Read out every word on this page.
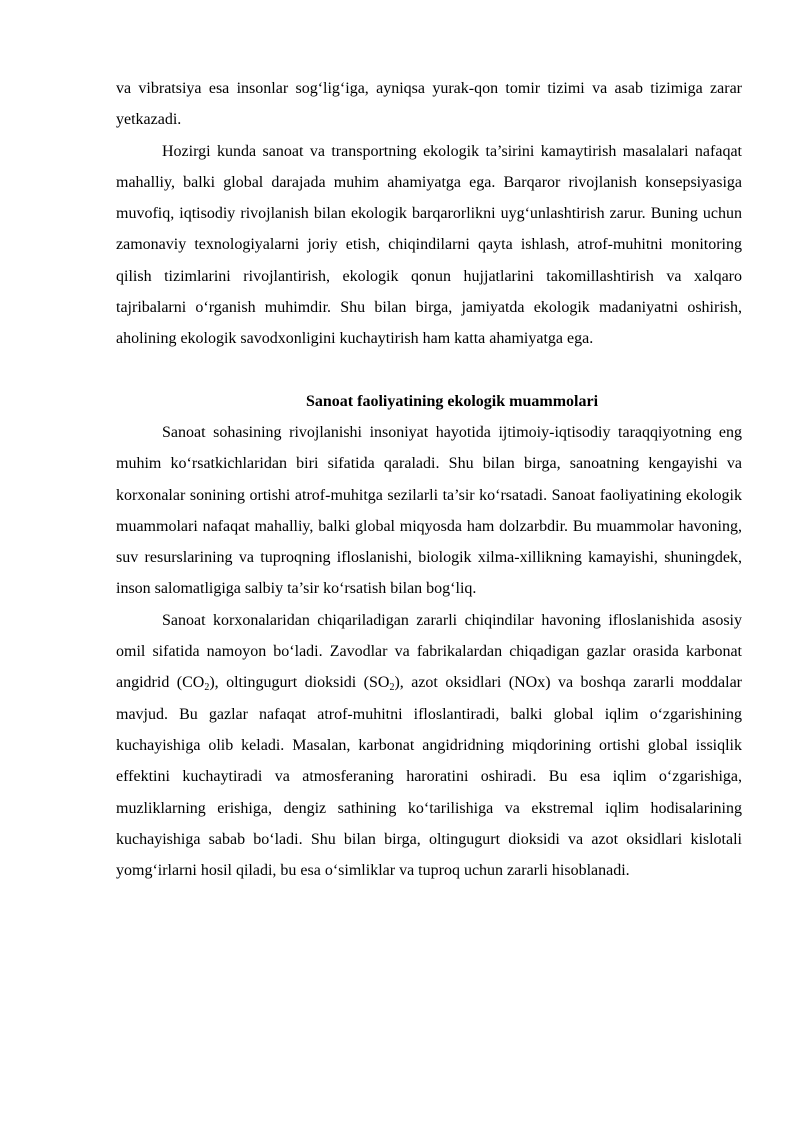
va vibratsiya esa insonlar sog‘lig‘iga, ayniqsa yurak-qon tomir tizimi va asab tizimiga zarar yetkazadi.

Hozirgi kunda sanoat va transportning ekologik ta’sirini kamaytirish masalalari nafaqat mahalliy, balki global darajada muhim ahamiyatga ega. Barqaror rivojlanish konsepsiyasiga muvofiq, iqtisodiy rivojlanish bilan ekologik barqarorlikni uyg‘unlashtirish zarur. Buning uchun zamonaviy texnologiyalarni joriy etish, chiqindilarni qayta ishlash, atrof-muhitni monitoring qilish tizimlarini rivojlantirish, ekologik qonun hujjatlarini takomillashtirish va xalqaro tajribalarni o‘rganish muhimdir. Shu bilan birga, jamiyatda ekologik madaniyatni oshirish, aholining ekologik savodxonligini kuchaytirish ham katta ahamiyatga ega.

Sanoat faoliyatining ekologik muammolari

Sanoat sohasining rivojlanishi insoniyat hayotida ijtimoiy-iqtisodiy taraqqiyotning eng muhim ko‘rsatkichlaridan biri sifatida qaraladi. Shu bilan birga, sanoatning kengayishi va korxonalar sonining ortishi atrof-muhitga sezilarli ta’sir ko‘rsatadi. Sanoat faoliyatining ekologik muammolari nafaqat mahalliy, balki global miqyosda ham dolzarbdir. Bu muammolar havoning, suv resurslarining va tuproqning ifloslanishi, biologik xilma-xillikning kamayishi, shuningdek, inson salomatligiga salbiy ta’sir ko‘rsatish bilan bog‘liq.

Sanoat korxonalaridan chiqariladigan zararli chiqindilar havoning ifloslanishida asosiy omil sifatida namoyon bo‘ladi. Zavodlar va fabrikalardan chiqadigan gazlar orasida karbonat angidrid $(CO_2)$, oltingugurt dioksidi $(SO_2)$, azot oksidlari (NOx) va boshqa zararli moddalar mavjud. Bu gazlar nafaqat atrof-muhitni ifloslantiradi, balki global iqlim o‘zgarishining kuchayishiga olib keladi. Masalan, karbonat angidridning miqdorining ortishi global issiqlik effektini kuchaytiradi va atmosferaning haroratini oshiradi. Bu esa iqlim o‘zgarishiga, muzliklarning erishiga, dengiz sathining ko‘tarilishiga va ekstremal iqlim hodisalarining kuchayishiga sabab bo‘ladi. Shu bilan birga, oltingugurt dioksidi va azot oksidlari kislotali yomg‘irlarni hosil qiladi, bu esa o‘simliklar va tuproq uchun zararli hisoblanadi.
